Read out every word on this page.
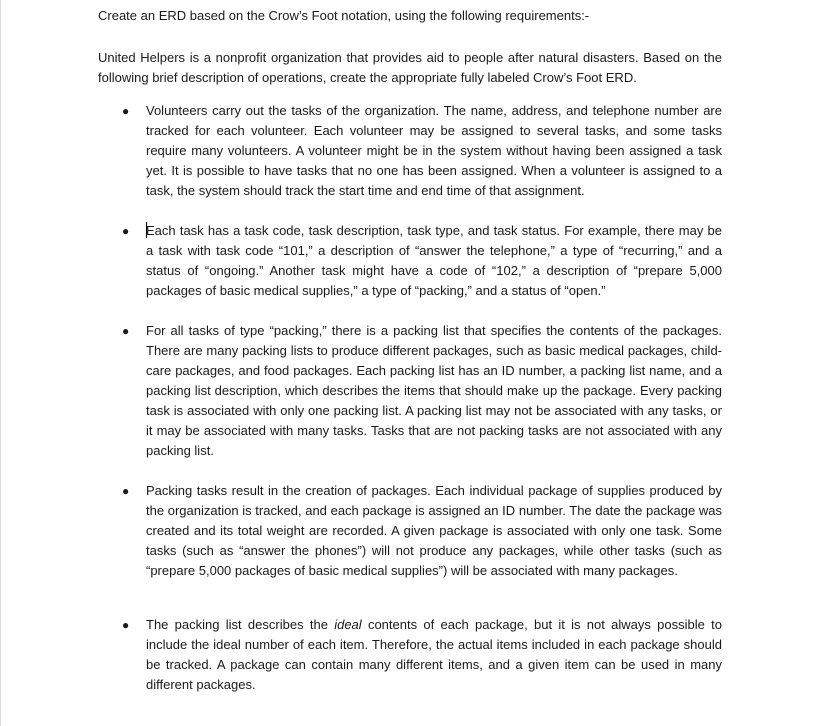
Create an ERD based on the Crow’s Foot notation, using the following requirements:-

United Helpers is a nonprofit organization that provides aid to people after natural disasters. Based on the following brief description of operations, create the appropriate fully labeled Crow’s Foot ERD.

● Volunteers carry out the tasks of the organization. The name, address, and telephone number are tracked for each volunteer. Each volunteer may be assigned to several tasks, and some tasks require many volunteers. A volunteer might be in the system without having been assigned a task yet. It is possible to have tasks that no one has been assigned. When a volunteer is assigned to a task, the system should track the start time and end time of that assignment.
● Each task has a task code, task description, task type, and task status. For example, there may be a task with task code “101,” a description of “answer the telephone,” a type of “recurring,” and a status of “ongoing.” Another task might have a code of “102,” a description of “prepare 5,000 packages of basic medical supplies,” a type of “packing,” and a status of “open.”
● For all tasks of type “packing,” there is a packing list that specifies the contents of the packages. There are many packing lists to produce different packages, such as basic medical packages, child-care packages, and food packages. Each packing list has an ID number, a packing list name, and a packing list description, which describes the items that should make up the package. Every packing task is associated with only one packing list. A packing list may not be associated with any tasks, or it may be associated with many tasks. Tasks that are not packing tasks are not associated with any packing list.
● Packing tasks result in the creation of packages. Each individual package of supplies produced by the organization is tracked, and each package is assigned an ID number. The date the package was created and its total weight are recorded. A given package is associated with only one task. Some tasks (such as “answer the phones”) will not produce any packages, while other tasks (such as “prepare 5,000 packages of basic medical supplies”) will be associated with many packages.
● The packing list describes the ideal contents of each package, but it is not always possible to include the ideal number of each item. Therefore, the actual items included in each package should be tracked. A package can contain many different items, and a given item can be used in many different packages.
